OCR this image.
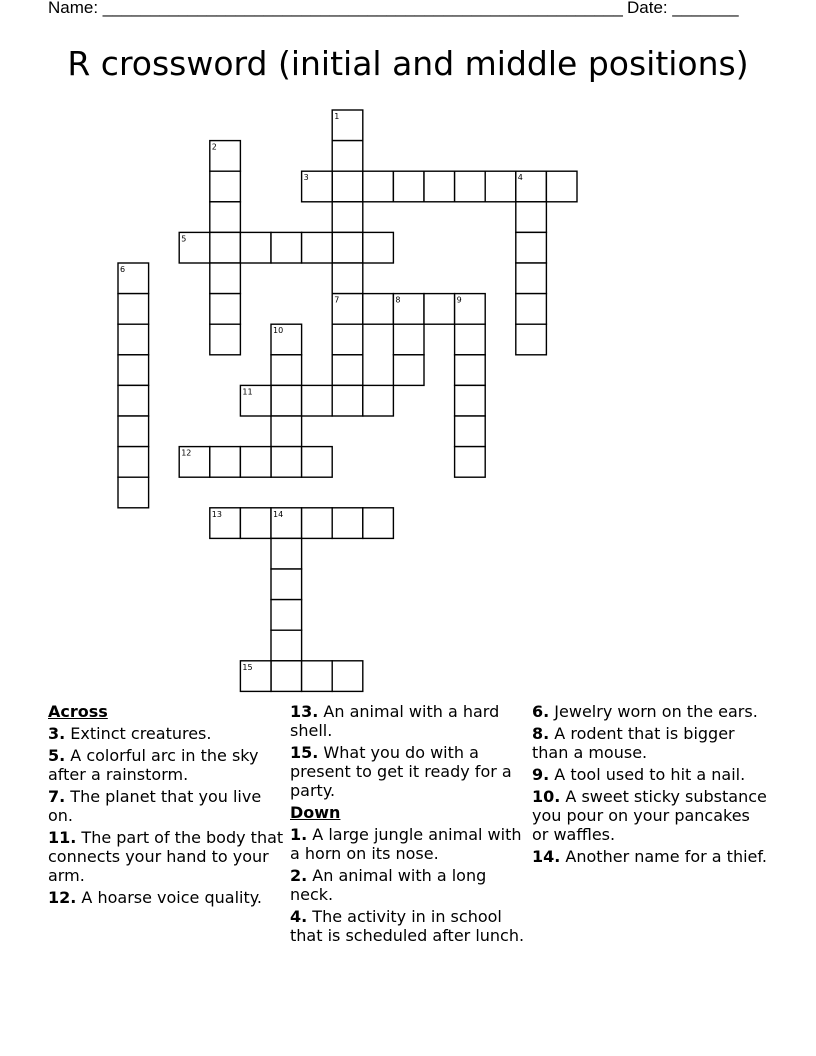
Name: _______________________________________________________ Date: _______
R crossword (initial and middle positions)
1
2
3	4
5
6
7	8	9
10
11
12
13	14
15
Across
3. Extinct creatures.
5. A colorful arc in the sky after a rainstorm.
7. The planet that you live on.
11. The part of the body that connects your hand to your arm.
12. A hoarse voice quality.
13. An animal with a hard shell.
15. What you do with a present to get it ready for a party.
Down
1. A large jungle animal with a horn on its nose.
2. An animal with a long neck.
4. The activity in in school that is scheduled after lunch.
6. Jewelry worn on the ears.
8. A rodent that is bigger than a mouse.
9. A tool used to hit a nail.
10. A sweet sticky substance you pour on your pancakes or waffles.
14. Another name for a thief.
